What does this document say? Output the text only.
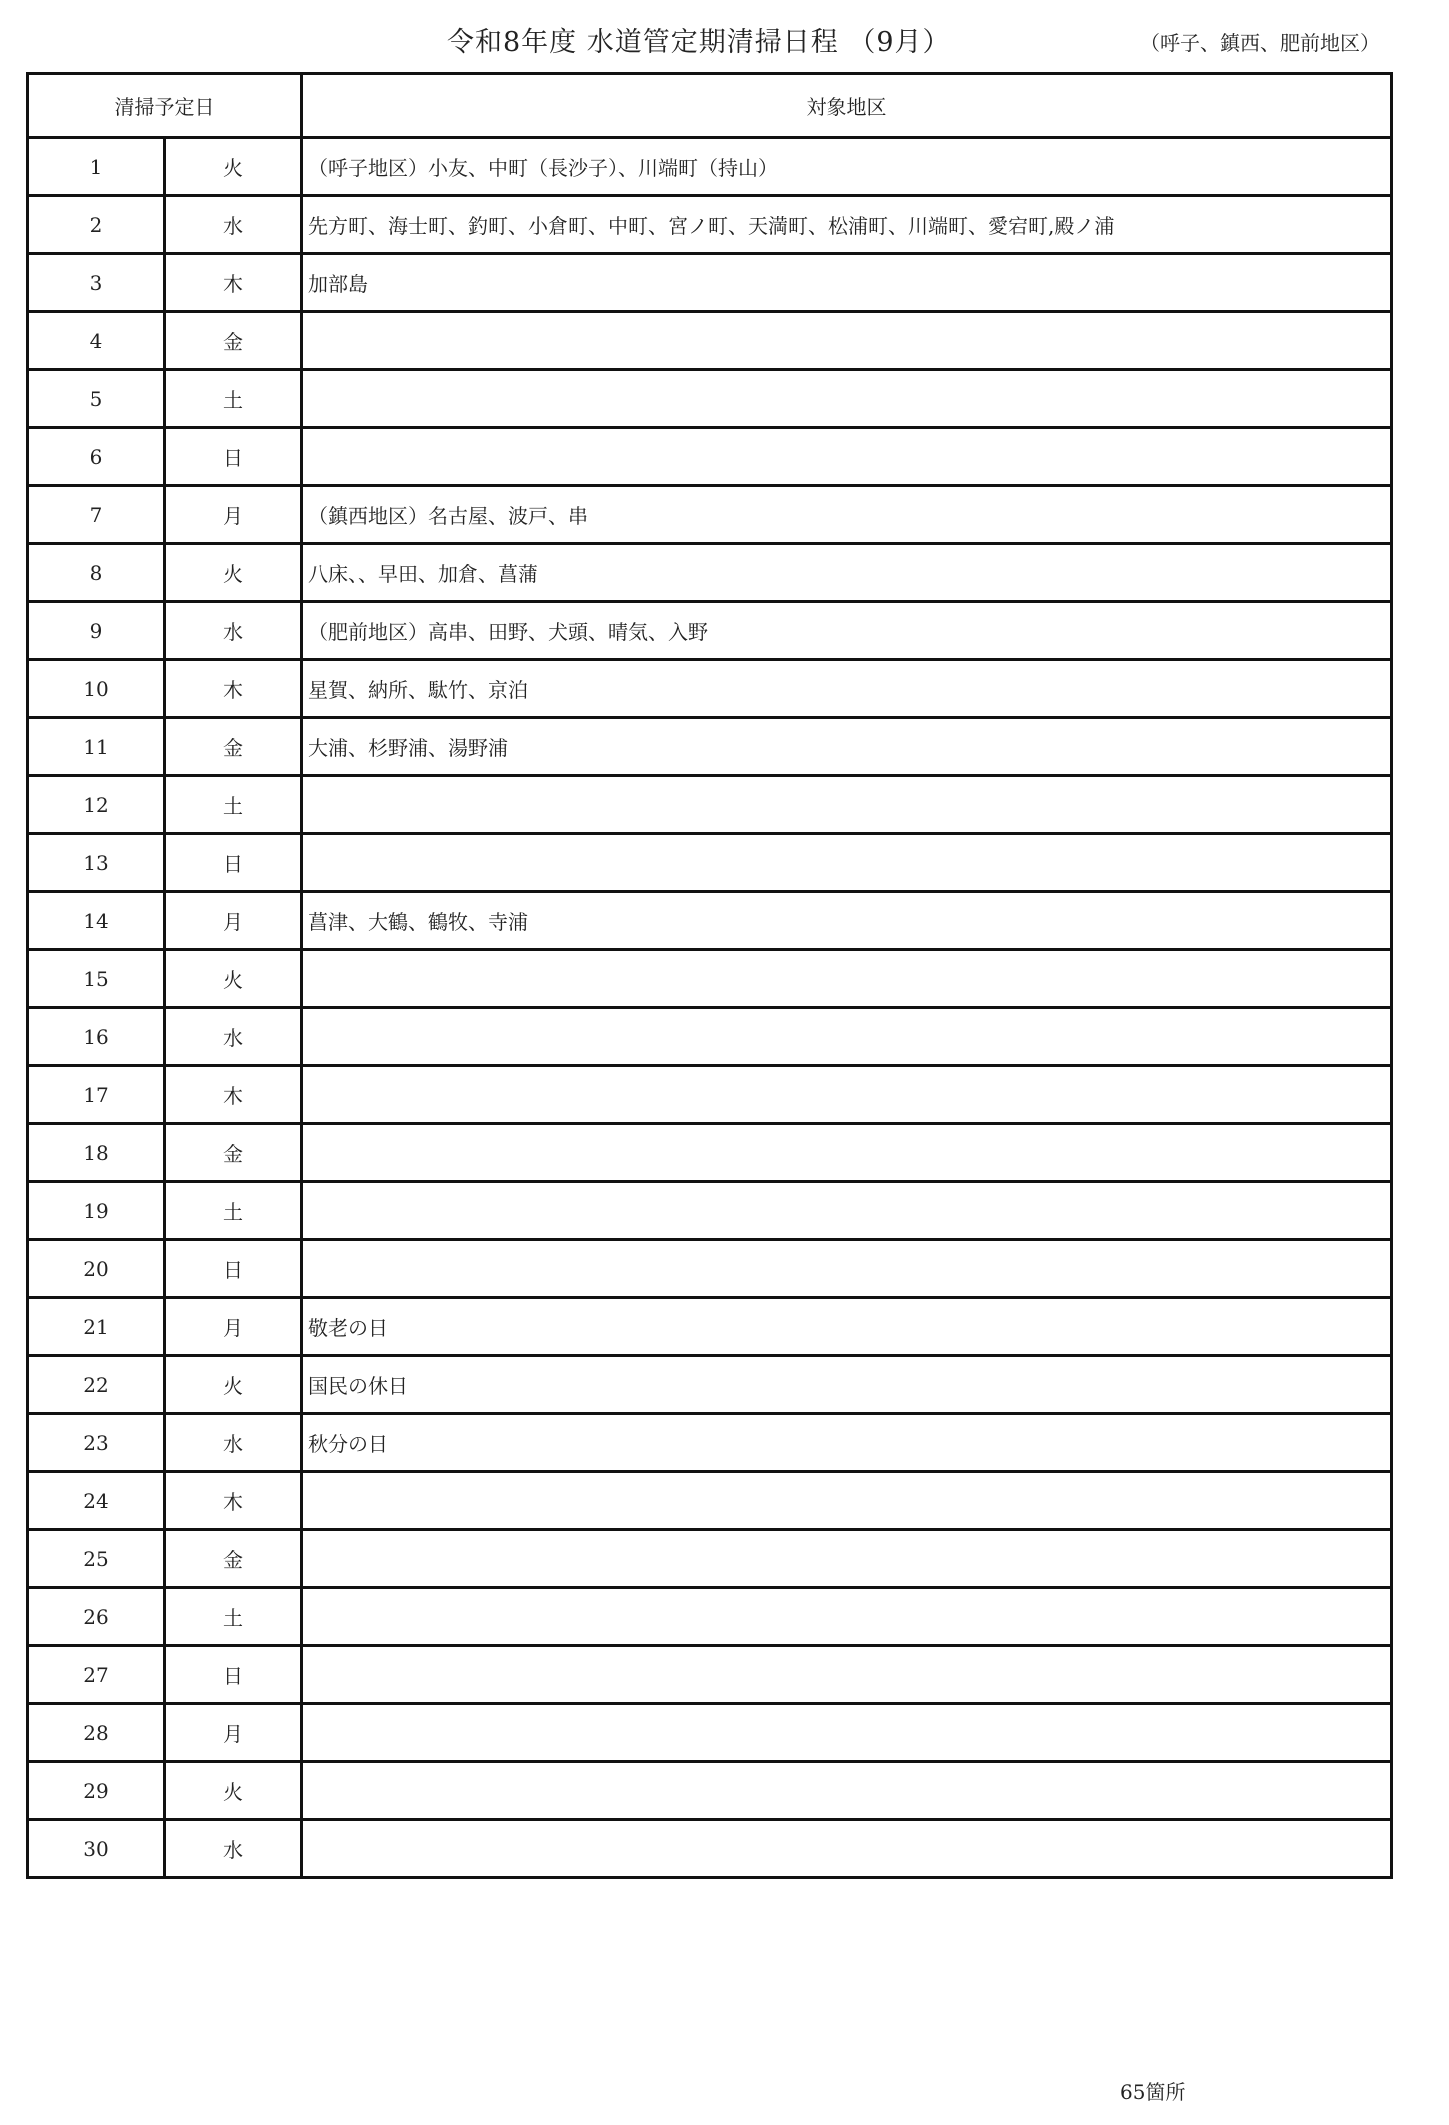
令和8年度 水道管定期清掃日程 （9月）	（呼子、鎮西、肥前地区）
清掃予定日		対象地区
1	火	（呼子地区）小友、中町（長沙子）、川端町（持山）
2	水	先方町、海士町、釣町、小倉町、中町、宮ノ町、天満町、松浦町、川端町、愛宕町,殿ノ浦
3	木	加部島
4	金	
5	土	
6	日	
7	月	（鎮西地区）名古屋、波戸、串
8	火	八床、、早田、加倉、菖蒲
9	水	（肥前地区）高串、田野、犬頭、晴気、入野
10	木	星賀、納所、駄竹、京泊
11	金	大浦、杉野浦、湯野浦
12	土	
13	日	
14	月	菖津、大鶴、鶴牧、寺浦
15	火	
16	水	
17	木	
18	金	
19	土	
20	日	
21	月	敬老の日
22	火	国民の休日
23	水	秋分の日
24	木	
25	金	
26	土	
27	日	
28	月	
29	火	
30	水	
65箇所
